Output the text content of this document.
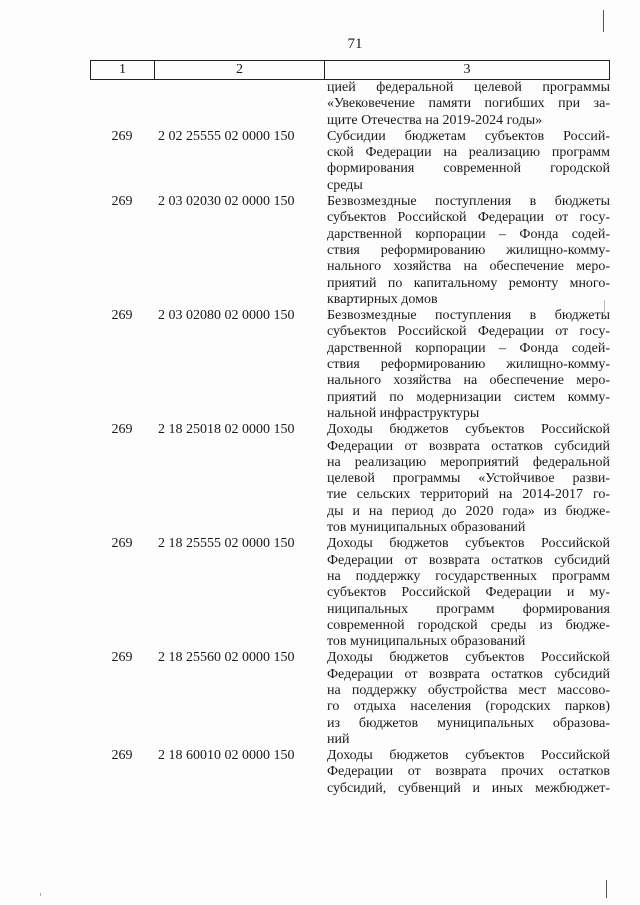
71
1	2	3
цией федеральной целевой программы
«Увековечение памяти погибших при за-
щите Отечества на 2019-2024 годы»
269	2 02 25555 02 0000 150	Субсидии бюджетам субъектов Россий-
ской Федерации на реализацию программ
формирования современной городской
среды
269	2 03 02030 02 0000 150	Безвозмездные поступления в бюджеты
субъектов Российской Федерации от госу-
дарственной корпорации – Фонда содей-
ствия реформированию жилищно-комму-
нального хозяйства на обеспечение меро-
приятий по капитальному ремонту много-
квартирных домов
269	2 03 02080 02 0000 150	Безвозмездные поступления в бюджеты
субъектов Российской Федерации от госу-
дарственной корпорации – Фонда содей-
ствия реформированию жилищно-комму-
нального хозяйства на обеспечение меро-
приятий по модернизации систем комму-
нальной инфраструктуры
269	2 18 25018 02 0000 150	Доходы бюджетов субъектов Российской
Федерации от возврата остатков субсидий
на реализацию мероприятий федеральной
целевой программы «Устойчивое разви-
тие сельских территорий на 2014-2017 го-
ды и на период до 2020 года» из бюдже-
тов муниципальных образований
269	2 18 25555 02 0000 150	Доходы бюджетов субъектов Российской
Федерации от возврата остатков субсидий
на поддержку государственных программ
субъектов Российской Федерации и му-
ниципальных программ формирования
современной городской среды из бюдже-
тов муниципальных образований
269	2 18 25560 02 0000 150	Доходы бюджетов субъектов Российской
Федерации от возврата остатков субсидий
на поддержку обустройства мест массово-
го отдыха населения (городских парков)
из бюджетов муниципальных образова-
ний
269	2 18 60010 02 0000 150	Доходы бюджетов субъектов Российской
Федерации от возврата прочих остатков
субсидий, субвенций и иных межбюджет-
